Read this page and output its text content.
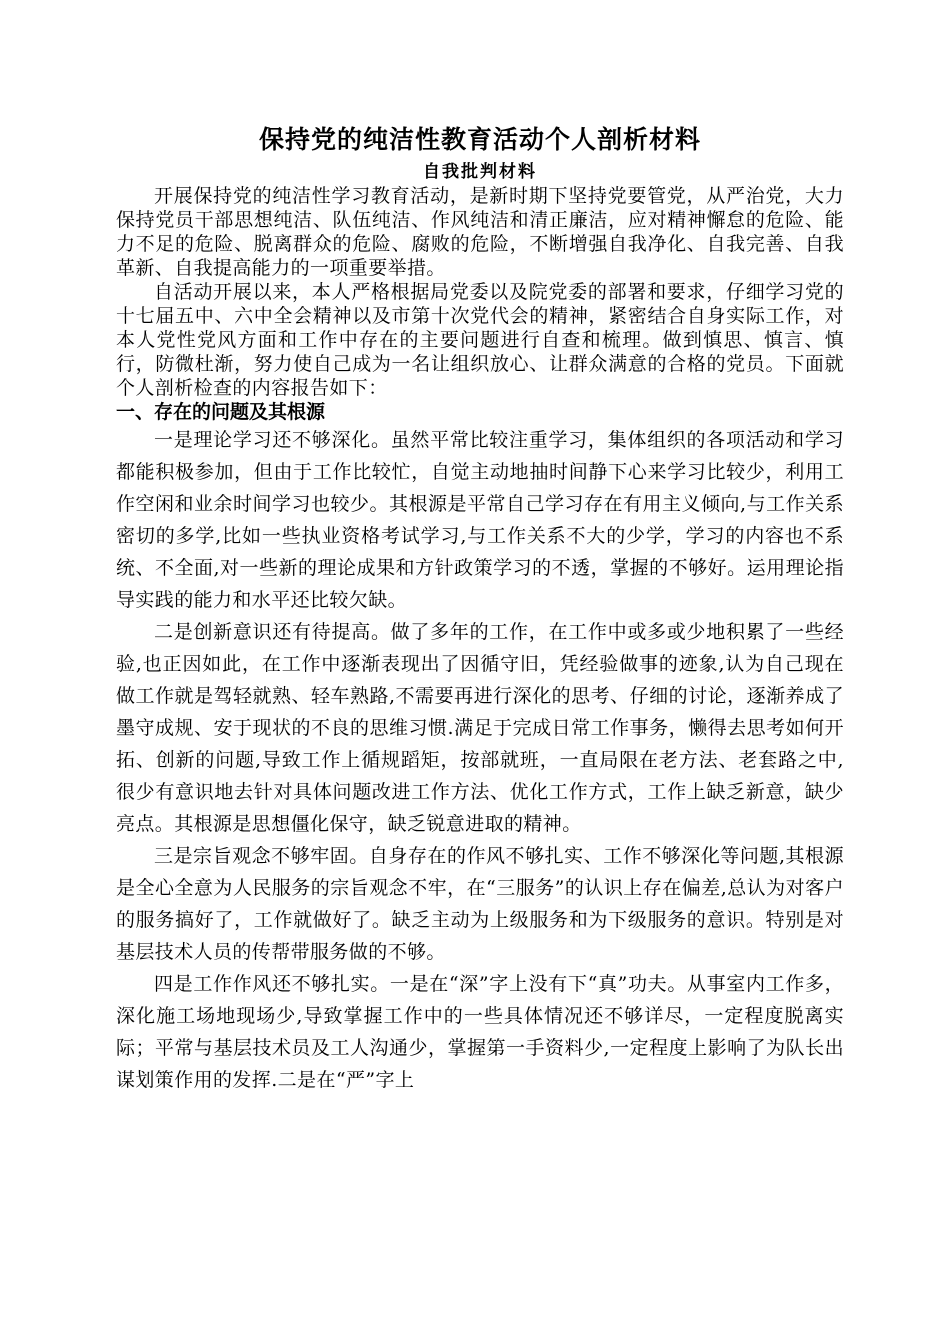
保持党的纯洁性教育活动个人剖析材料
自我批判材料

开展保持党的纯洁性学习教育活动，是新时期下坚持党要管党，从严治党，大力保持党员干部思想纯洁、队伍纯洁、作风纯洁和清正廉洁，应对精神懈怠的危险、能力不足的危险、脱离群众的危险、腐败的危险，不断增强自我净化、自我完善、自我革新、自我提高能力的一项重要举措。

自活动开展以来，本人严格根据局党委以及院党委的部署和要求，仔细学习党的十七届五中、六中全会精神以及市第十次党代会的精神，紧密结合自身实际工作，对本人党性党风方面和工作中存在的主要问题进行自查和梳理。做到慎思、慎言、慎行，防微杜渐，努力使自己成为一名让组织放心、让群众满意的合格的党员。下面就个人剖析检查的内容报告如下：

一、存在的问题及其根源

一是理论学习还不够深化。虽然平常比较注重学习，集体组织的各项活动和学习都能积极参加，但由于工作比较忙，自觉主动地抽时间静下心来学习比较少，利用工作空闲和业余时间学习也较少。其根源是平常自己学习存在有用主义倾向,与工作关系密切的多学,比如一些执业资格考试学习,与工作关系不大的少学，学习的内容也不系统、不全面,对一些新的理论成果和方针政策学习的不透，掌握的不够好。运用理论指导实践的能力和水平还比较欠缺。

二是创新意识还有待提高。做了多年的工作，在工作中或多或少地积累了一些经验,也正因如此，在工作中逐渐表现出了因循守旧，凭经验做事的迹象,认为自己现在做工作就是驾轻就熟、轻车熟路,不需要再进行深化的思考、仔细的讨论，逐渐养成了墨守成规、安于现状的不良的思维习惯.满足于完成日常工作事务，懒得去思考如何开拓、创新的问题,导致工作上循规蹈矩，按部就班，一直局限在老方法、老套路之中,很少有意识地去针对具体问题改进工作方法、优化工作方式，工作上缺乏新意，缺少亮点。其根源是思想僵化保守，缺乏锐意进取的精神。

三是宗旨观念不够牢固。自身存在的作风不够扎实、工作不够深化等问题,其根源是全心全意为人民服务的宗旨观念不牢，在“三服务”的认识上存在偏差,总认为对客户的服务搞好了，工作就做好了。缺乏主动为上级服务和为下级服务的意识。特别是对基层技术人员的传帮带服务做的不够。

四是工作作风还不够扎实。一是在“深”字上没有下“真”功夫。从事室内工作多，深化施工场地现场少,导致掌握工作中的一些具体情况还不够详尽，一定程度脱离实际；平常与基层技术员及工人沟通少，掌握第一手资料少,一定程度上影响了为队长出谋划策作用的发挥.二是在“严”字上
